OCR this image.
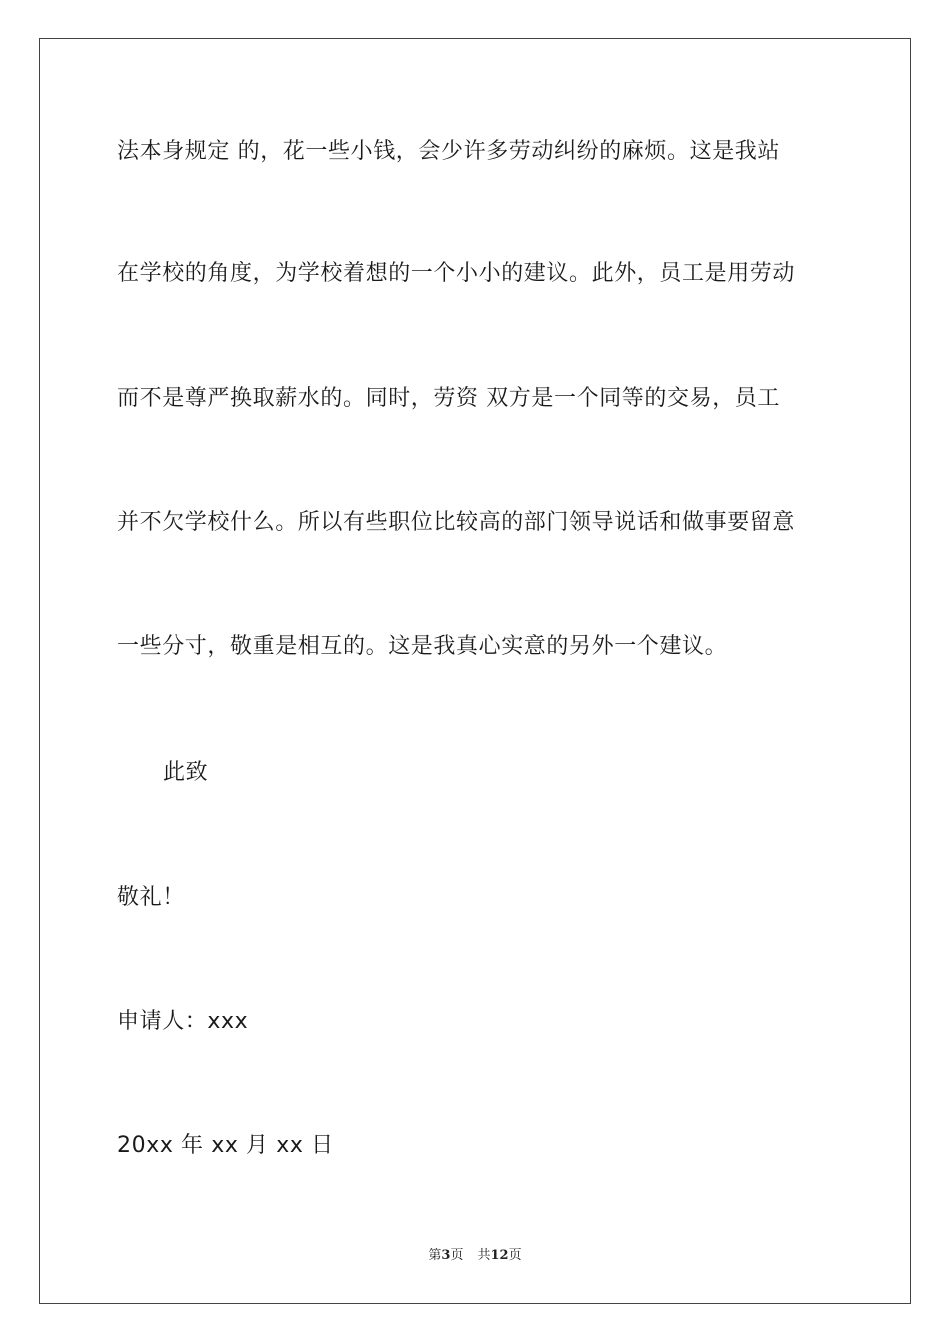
法本身规定 的，花一些小钱，会少许多劳动纠纷的麻烦。这是我站
在学校的角度，为学校着想的一个小小的建议。此外，员工是用劳动
而不是尊严换取薪水的。同时，劳资 双方是一个同等的交易，员工
并不欠学校什么。所以有些职位比较高的部门领导说话和做事要留意
一些分寸，敬重是相互的。这是我真心实意的另外一个建议。
此致
敬礼！
申请人：xxx
20xx 年 xx 月 xx 日
第3页 共12页
